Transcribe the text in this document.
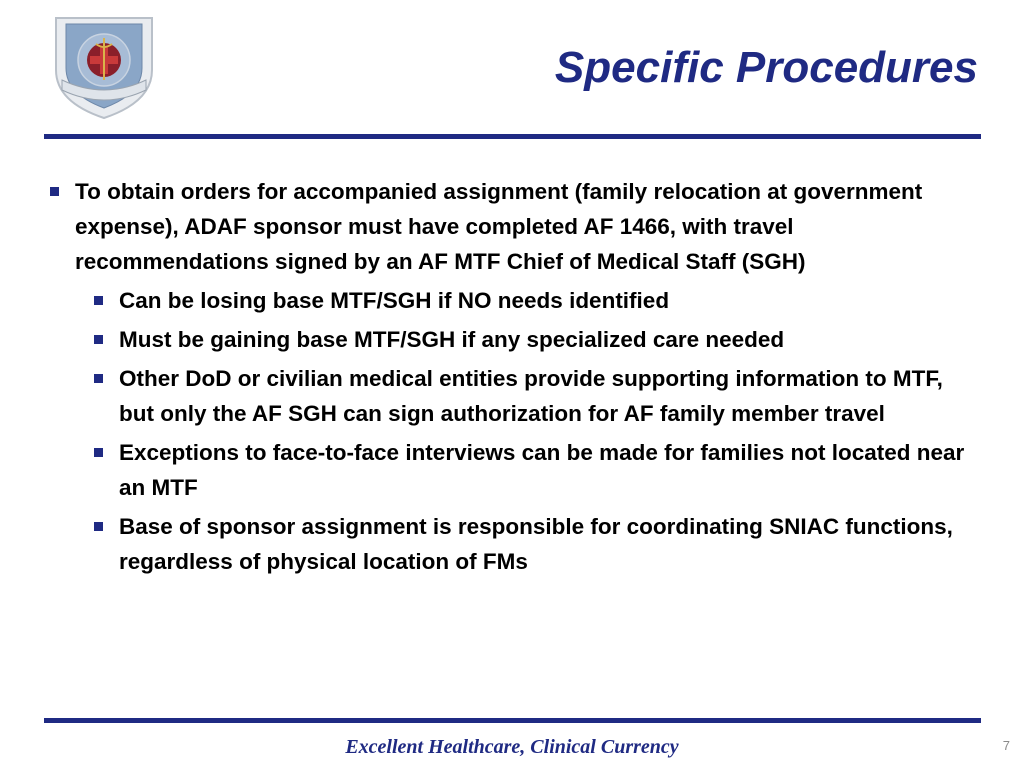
Specific Procedures
To obtain orders for accompanied assignment (family relocation at government expense), ADAF sponsor must have completed AF 1466, with travel recommendations signed by an AF MTF Chief of Medical Staff (SGH)
Can be losing base MTF/SGH if NO needs identified
Must be gaining base MTF/SGH if any specialized care needed
Other DoD or civilian medical entities provide supporting information to MTF, but only the AF SGH can sign authorization for AF family member travel
Exceptions to face-to-face interviews can be made for families not located near an MTF
Base of sponsor assignment is responsible for coordinating SNIAC functions, regardless of physical location of FMs
Excellent Healthcare, Clinical Currency	7
